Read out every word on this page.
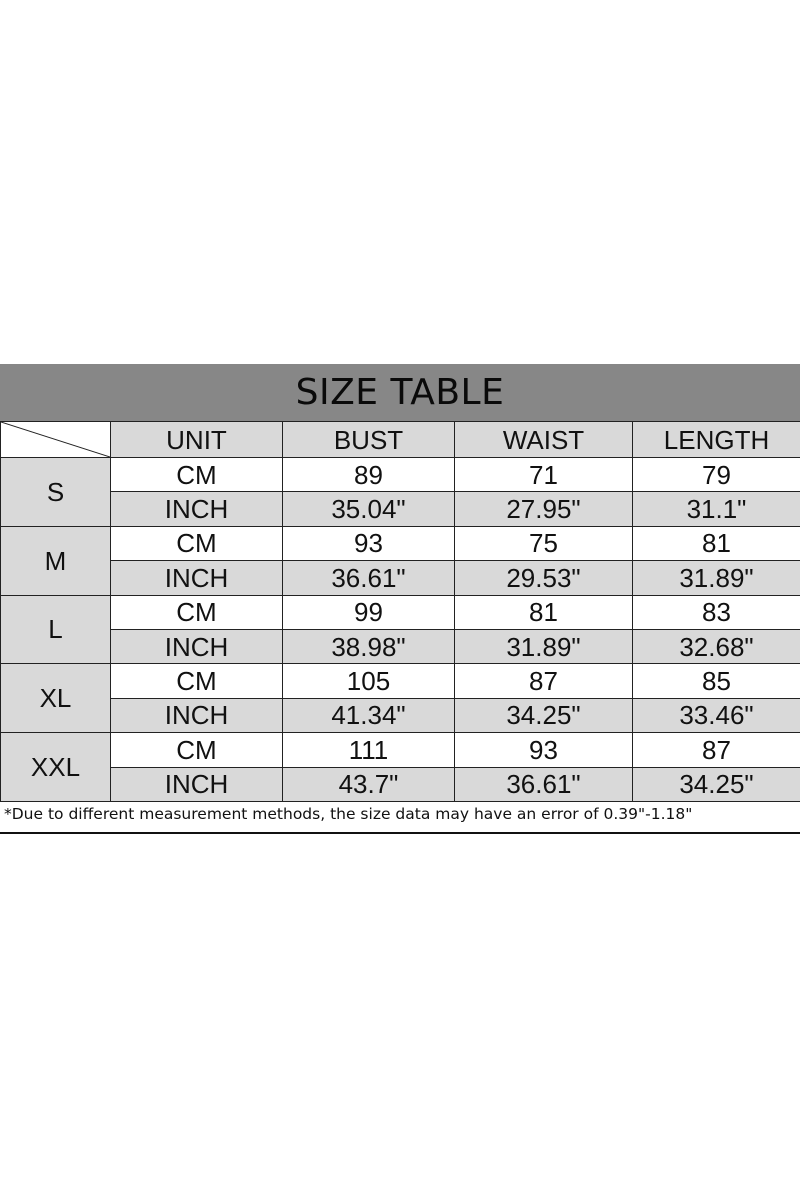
SIZE TABLE
	UNIT	BUST	WAIST	LENGTH
S	CM	89	71	79
	INCH	35.04"	27.95"	31.1"
M	CM	93	75	81
	INCH	36.61"	29.53"	31.89"
L	CM	99	81	83
	INCH	38.98"	31.89"	32.68"
XL	CM	105	87	85
	INCH	41.34"	34.25"	33.46"
XXL	CM	111	93	87
	INCH	43.7"	36.61"	34.25"
*Due to different measurement methods, the size data may have an error of 0.39"-1.18"
